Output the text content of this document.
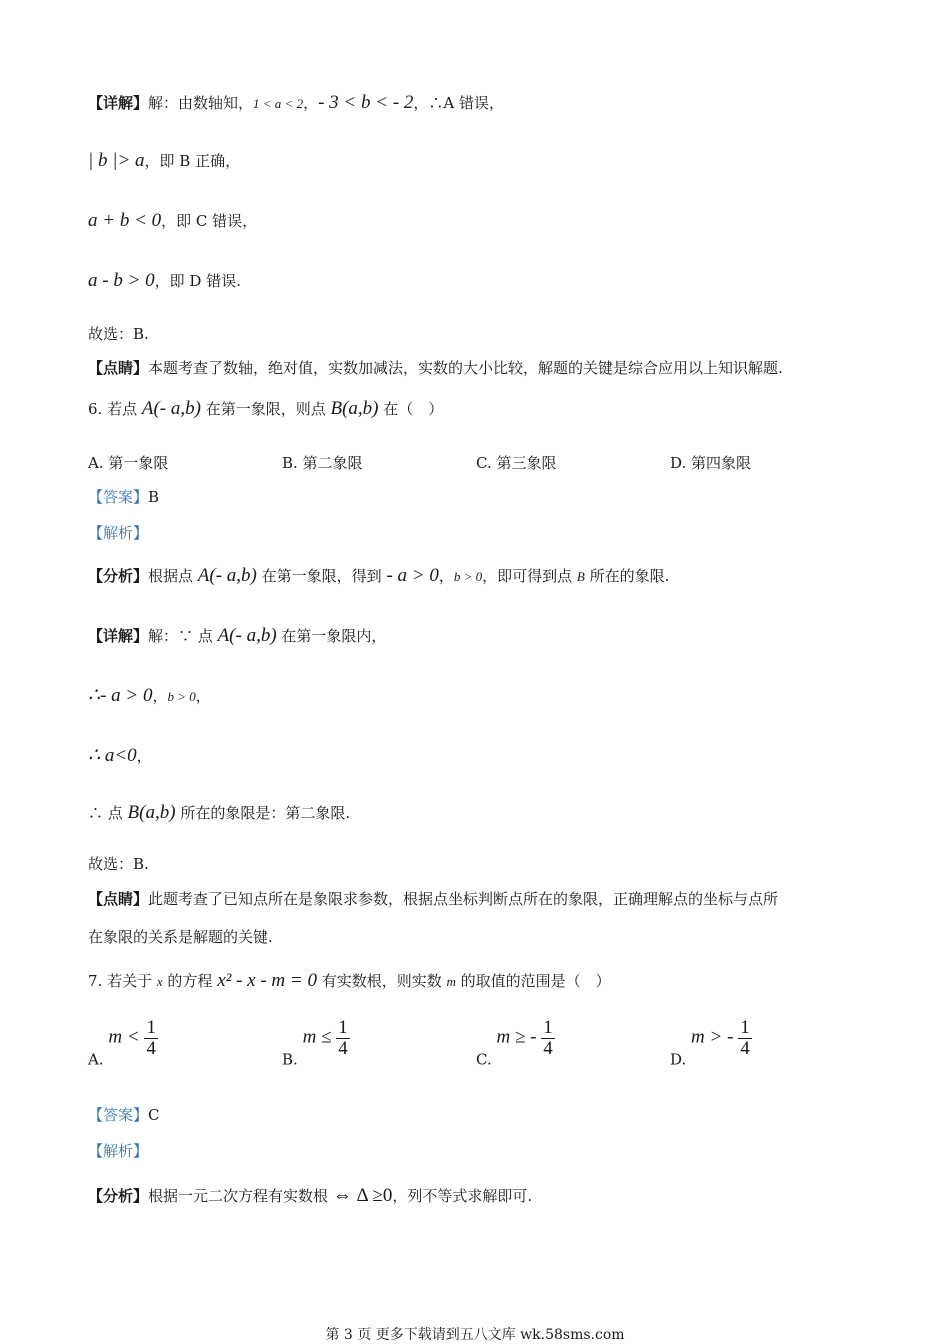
【详解】解：由数轴知，1 < a < 2，- 3 < b < - 2，∴A 错误，
| b |> a，即 B 正确，
a + b < 0，即 C 错误，
a - b > 0，即 D 错误.
故选：B.
【点睛】本题考查了数轴，绝对值，实数加减法，实数的大小比较，解题的关键是综合应用以上知识解题.
6. 若点 A(- a,b) 在第一象限，则点 B(a,b) 在（　）
A. 第一象限	B. 第二象限	C. 第三象限	D. 第四象限
【答案】B
【解析】
【分析】根据点 A(- a,b) 在第一象限，得到 - a > 0，b > 0，即可得到点 B 所在的象限.
【详解】解：∵ 点 A(- a,b) 在第一象限内，
∴- a > 0，b > 0，
∴ a<0，
∴ 点 B(a,b) 所在的象限是：第二象限.
故选：B.
【点睛】此题考查了已知点所在是象限求参数，根据点坐标判断点所在的象限，正确理解点的坐标与点所
在象限的关系是解题的关键.
7. 若关于 x 的方程 x² - x - m = 0 有实数根，则实数 m 的取值的范围是（　）
A. $m < \frac{1}{4}$
B. $m \le \frac{1}{4}$
C. m ≥ - $\frac{1}{4}$
D. m > - $\frac{1}{4}$
【答案】C
【解析】
【分析】根据一元二次方程有实数根 ⇔ Δ ≥0，列不等式求解即可.
第 3 页 更多下载请到五八文库 wk.58sms.com
